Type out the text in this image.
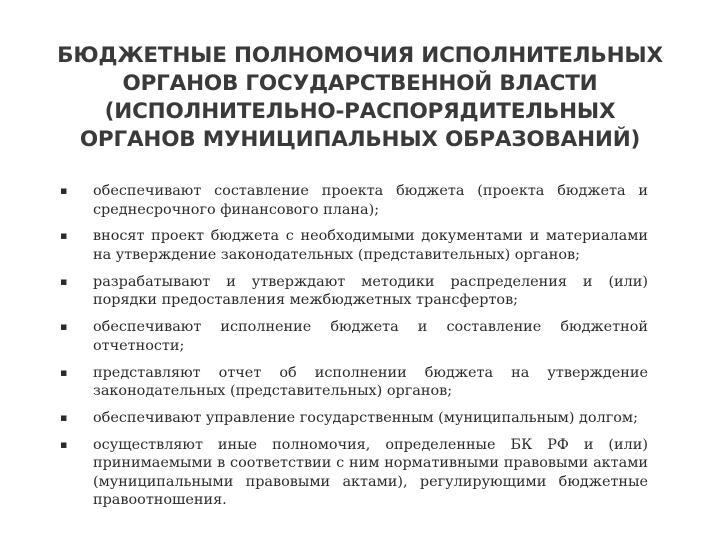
БЮДЖЕТНЫЕ ПОЛНОМОЧИЯ ИСПОЛНИТЕЛЬНЫХ
ОРГАНОВ ГОСУДАРСТВЕННОЙ ВЛАСТИ
(ИСПОЛНИТЕЛЬНО-РАСПОРЯДИТЕЛЬНЫХ
ОРГАНОВ МУНИЦИПАЛЬНЫХ ОБРАЗОВАНИЙ)
▪ обеспечивают составление проекта бюджета (проекта бюджета и среднесрочного финансового плана);
▪ вносят проект бюджета с необходимыми документами и материалами на утверждение законодательных (представительных) органов;
▪ разрабатывают и утверждают методики распределения и (или) порядки предоставления межбюджетных трансфертов;
▪ обеспечивают исполнение бюджета и составление бюджетной отчетности;
▪ представляют отчет об исполнении бюджета на утверждение законодательных (представительных) органов;
▪ обеспечивают управление государственным (муниципальным) долгом;
▪ осуществляют иные полномочия, определенные БК РФ и (или) принимаемыми в соответствии с ним нормативными правовыми актами (муниципальными правовыми актами), регулирующими бюджетные правоотношения.
